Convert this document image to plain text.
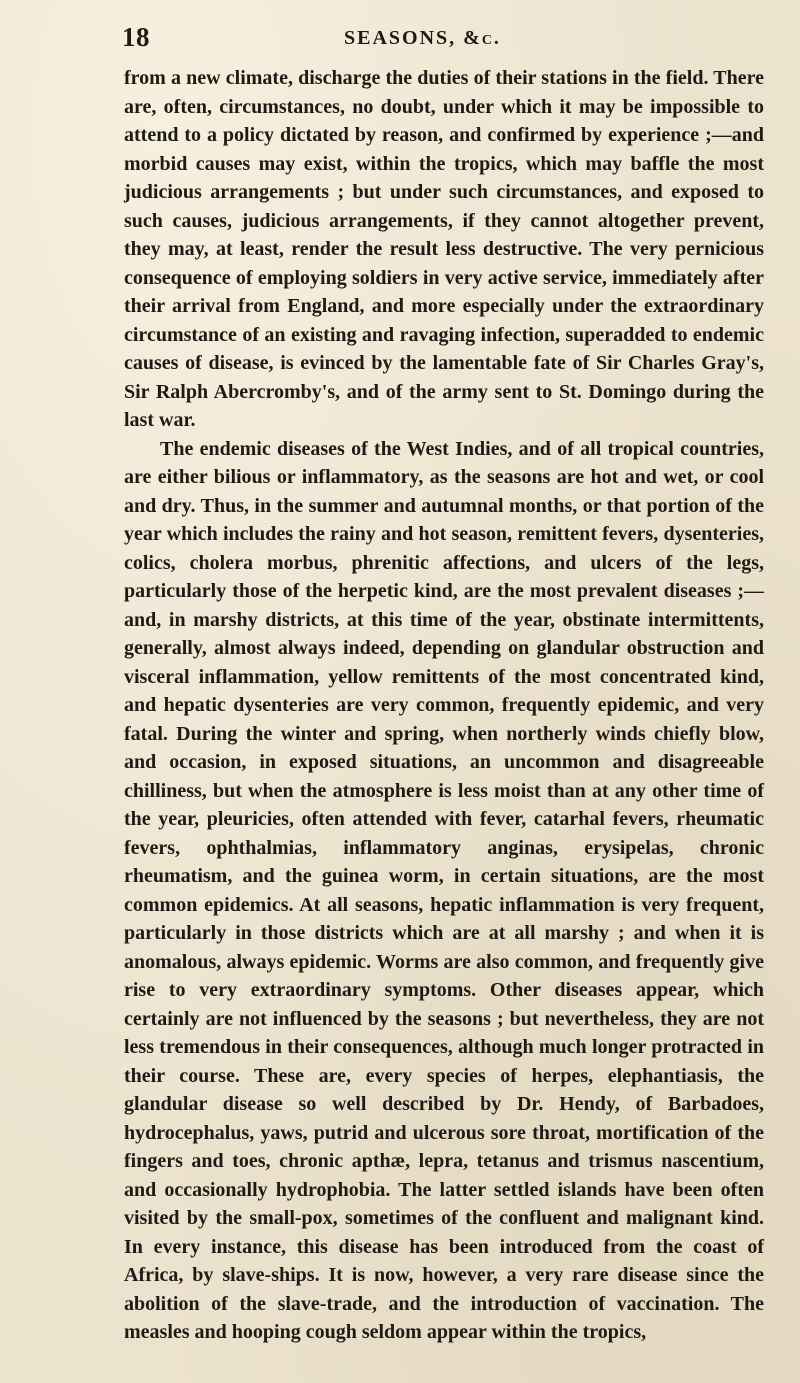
18	SEASONS, &c.

from a new climate, discharge the duties of their stations in the field. There are, often, circumstances, no doubt, under which it may be impossible to attend to a policy dictated by reason, and confirmed by experience ;—and morbid causes may exist, within the tropics, which may baffle the most judicious arrangements ; but under such circumstances, and exposed to such causes, judicious arrangements, if they cannot altogether prevent, they may, at least, render the result less destructive. The very pernicious consequence of employing soldiers in very active service, immediately after their arrival from England, and more especially under the extraordinary circumstance of an existing and ravaging infection, superadded to endemic causes of disease, is evinced by the lamentable fate of Sir Charles Gray's, Sir Ralph Abercromby's, and of the army sent to St. Domingo during the last war.

The endemic diseases of the West Indies, and of all tropical countries, are either bilious or inflammatory, as the seasons are hot and wet, or cool and dry. Thus, in the summer and autumnal months, or that portion of the year which includes the rainy and hot season, remittent fevers, dysenteries, colics, cholera morbus, phrenitic affections, and ulcers of the legs, particularly those of the herpetic kind, are the most prevalent diseases ;—and, in marshy districts, at this time of the year, obstinate intermittents, generally, almost always indeed, depending on glandular obstruction and visceral inflammation, yellow remittents of the most concentrated kind, and hepatic dysenteries are very common, frequently epidemic, and very fatal. During the winter and spring, when northerly winds chiefly blow, and occasion, in exposed situations, an uncommon and disagreeable chilliness, but when the atmosphere is less moist than at any other time of the year, pleuricies, often attended with fever, catarhal fevers, rheumatic fevers, ophthalmias, inflammatory anginas, erysipelas, chronic rheumatism, and the guinea worm, in certain situations, are the most common epidemics. At all seasons, hepatic inflammation is very frequent, particularly in those districts which are at all marshy ; and when it is anomalous, always epidemic. Worms are also common, and frequently give rise to very extraordinary symptoms. Other diseases appear, which certainly are not influenced by the seasons ; but nevertheless, they are not less tremendous in their consequences, although much longer protracted in their course. These are, every species of herpes, elephantiasis, the glandular disease so well described by Dr. Hendy, of Barbadoes, hydrocephalus, yaws, putrid and ulcerous sore throat, mortification of the fingers and toes, chronic apthæ, lepra, tetanus and trismus nascentium, and occasionally hydrophobia. The latter settled islands have been often visited by the small-pox, sometimes of the confluent and malignant kind. In every instance, this disease has been introduced from the coast of Africa, by slave-ships. It is now, however, a very rare disease since the abolition of the slave-trade, and the introduction of vaccination. The measles and hooping cough seldom appear within the tropics,
